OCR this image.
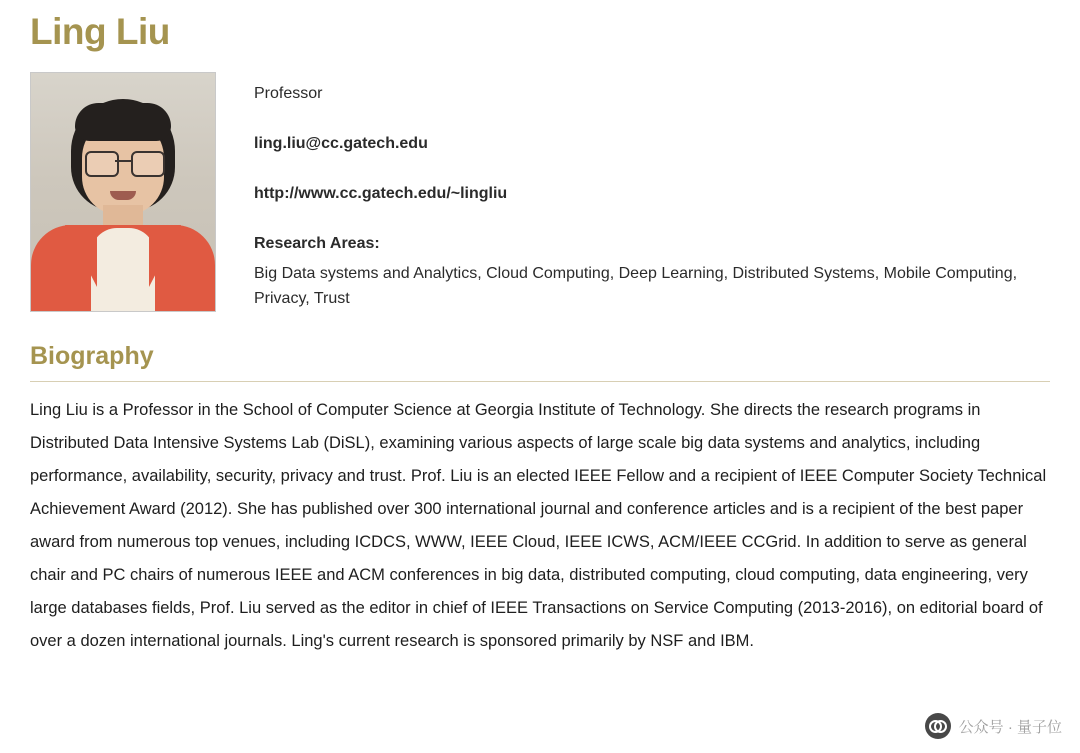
Ling Liu
Professor
ling.liu@cc.gatech.edu
http://www.cc.gatech.edu/~lingliu
Research Areas:
Big Data systems and Analytics, Cloud Computing, Deep Learning, Distributed Systems, Mobile Computing, Privacy, Trust
Biography

Ling Liu is a Professor in the School of Computer Science at Georgia Institute of Technology. She directs the research programs in Distributed Data Intensive Systems Lab (DiSL), examining various aspects of large scale big data systems and analytics, including performance, availability, security, privacy and trust. Prof. Liu is an elected IEEE Fellow and a recipient of IEEE Computer Society Technical Achievement Award (2012). She has published over 300 international journal and conference articles and is a recipient of the best paper award from numerous top venues, including ICDCS, WWW, IEEE Cloud, IEEE ICWS, ACM/IEEE CCGrid. In addition to serve as general chair and PC chairs of numerous IEEE and ACM conferences in big data, distributed computing, cloud computing, data engineering, very large databases fields, Prof. Liu served as the editor in chief of IEEE Transactions on Service Computing (2013-2016), on editorial board of over a dozen international journals. Ling's current research is sponsored primarily by NSF and IBM.

公众号 · 量子位
